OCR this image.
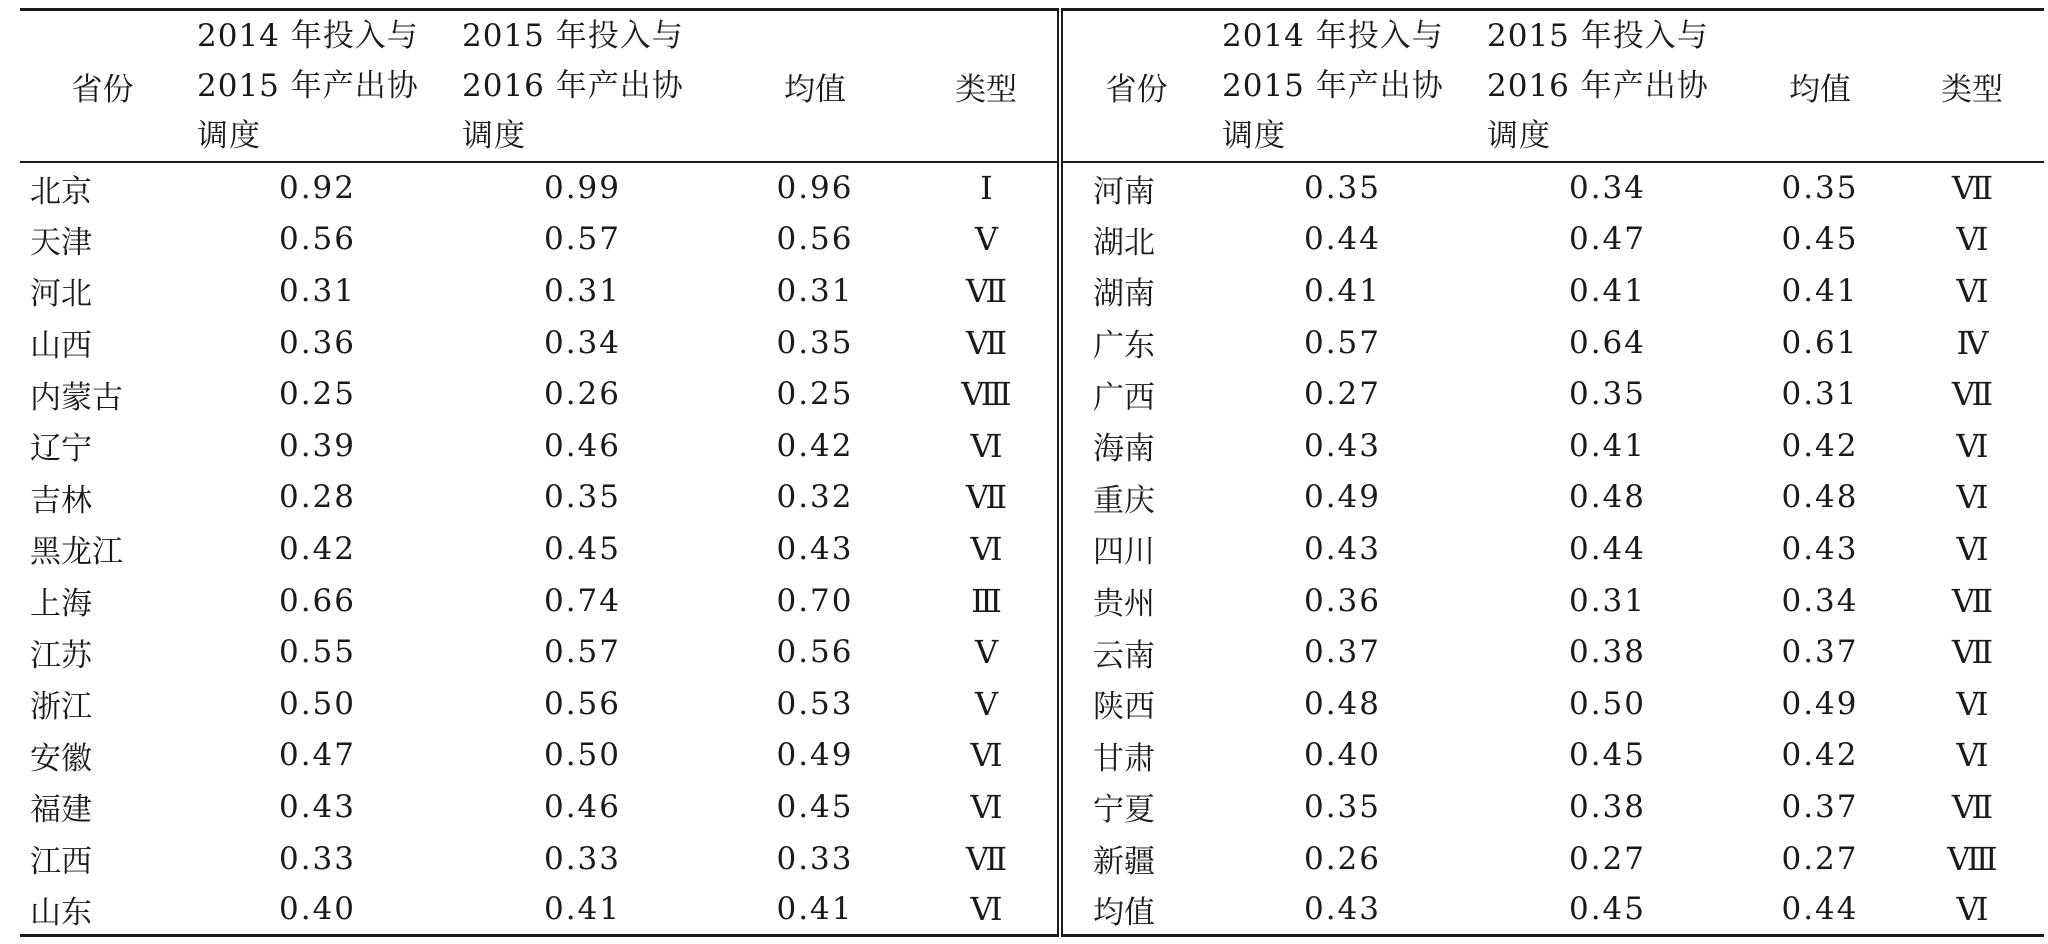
省份	2014 年投入与
2015 年产出协
调度	2015 年投入与
2016 年产出协
调度	均值	类型	省份	2014 年投入与
2015 年产出协
调度	2015 年投入与
2016 年产出协
调度	均值	类型
北京	0.92	0.99	0.96	Ⅰ	河南	0.35	0.34	0.35	Ⅶ
天津	0.56	0.57	0.56	Ⅴ	湖北	0.44	0.47	0.45	Ⅵ
河北	0.31	0.31	0.31	Ⅶ	湖南	0.41	0.41	0.41	Ⅵ
山西	0.36	0.34	0.35	Ⅶ	广东	0.57	0.64	0.61	Ⅳ
内蒙古	0.25	0.26	0.25	Ⅷ	广西	0.27	0.35	0.31	Ⅶ
辽宁	0.39	0.46	0.42	Ⅵ	海南	0.43	0.41	0.42	Ⅵ
吉林	0.28	0.35	0.32	Ⅶ	重庆	0.49	0.48	0.48	Ⅵ
黑龙江	0.42	0.45	0.43	Ⅵ	四川	0.43	0.44	0.43	Ⅵ
上海	0.66	0.74	0.70	Ⅲ	贵州	0.36	0.31	0.34	Ⅶ
江苏	0.55	0.57	0.56	Ⅴ	云南	0.37	0.38	0.37	Ⅶ
浙江	0.50	0.56	0.53	Ⅴ	陕西	0.48	0.50	0.49	Ⅵ
安徽	0.47	0.50	0.49	Ⅵ	甘肃	0.40	0.45	0.42	Ⅵ
福建	0.43	0.46	0.45	Ⅵ	宁夏	0.35	0.38	0.37	Ⅶ
江西	0.33	0.33	0.33	Ⅶ	新疆	0.26	0.27	0.27	Ⅷ
山东	0.40	0.41	0.41	Ⅵ	均值	0.43	0.45	0.44	Ⅵ
